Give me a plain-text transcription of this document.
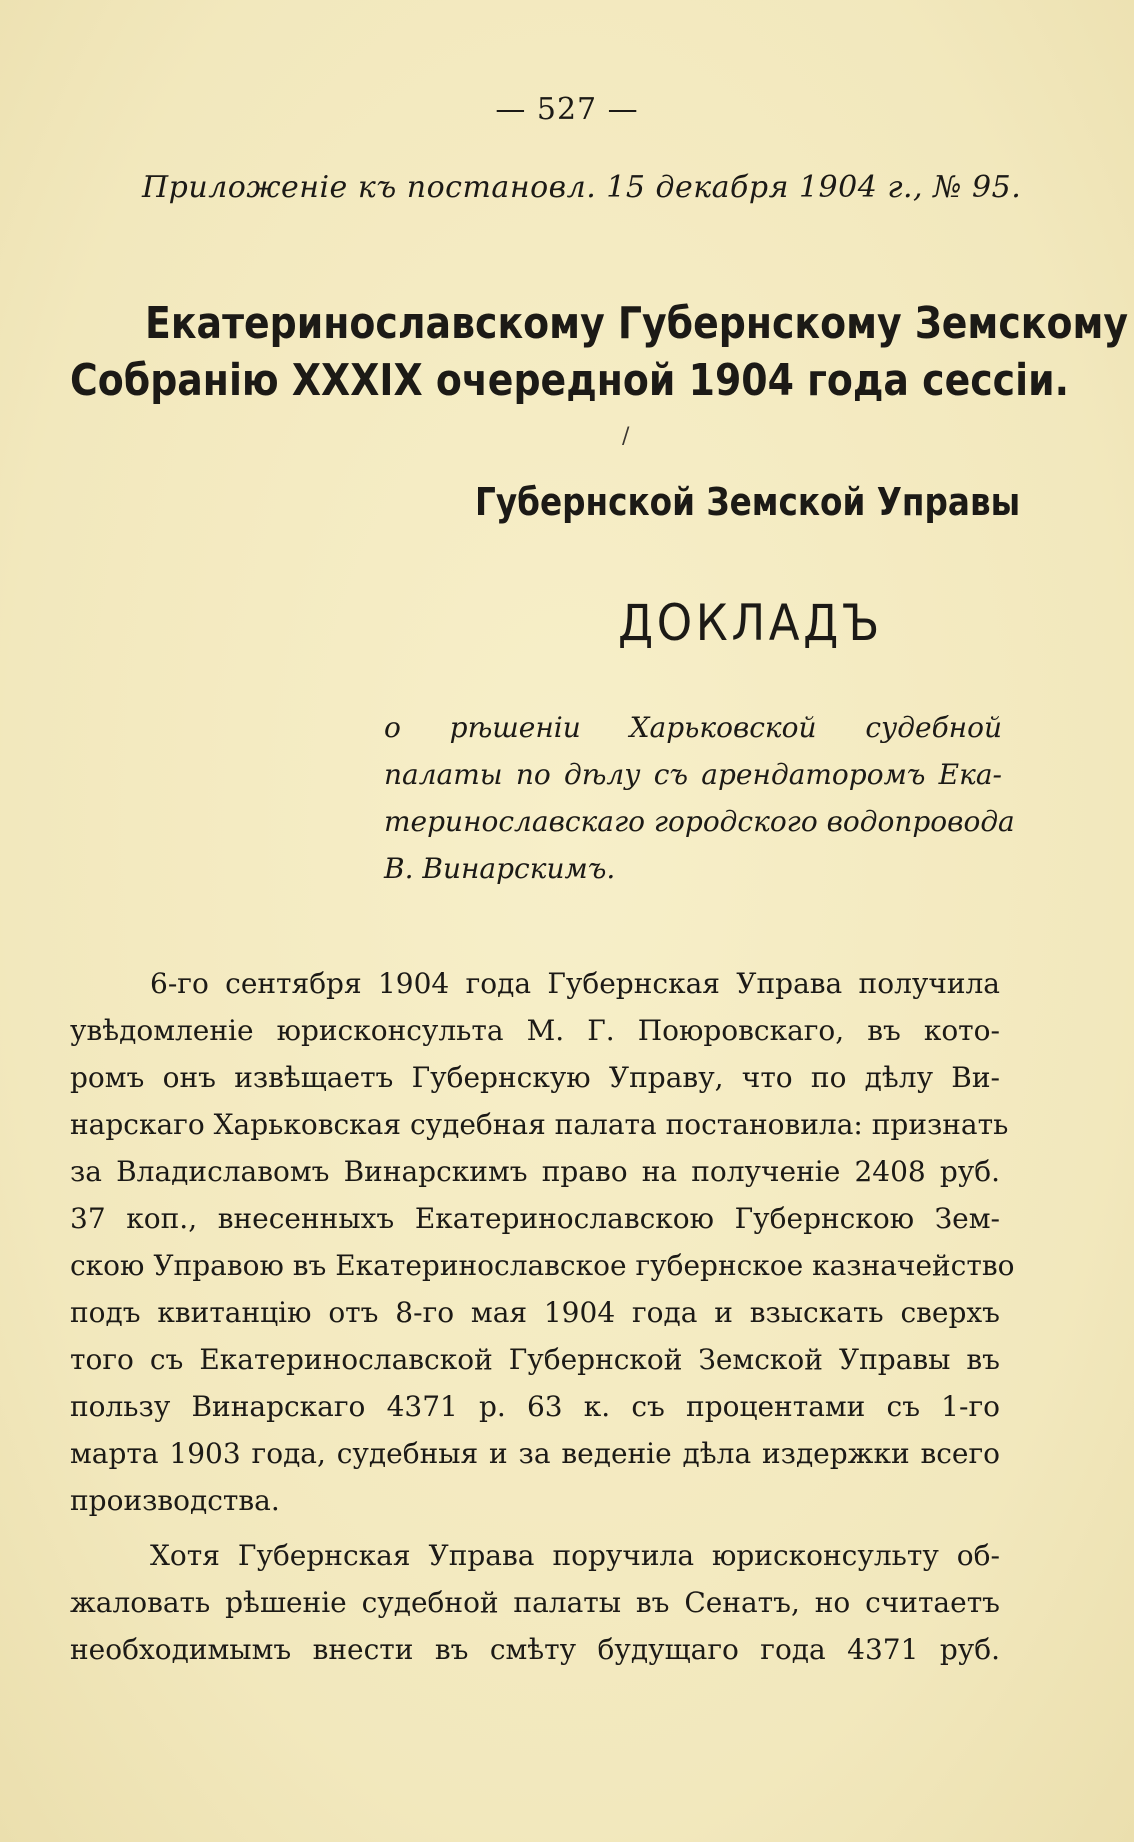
— 527 —
Приложеніе къ постановл. 15 декабря 1904 г., № 95.
Екатеринославскому Губернскому Земскому
Собранію XXXIX очередной 1904 года сессіи.
/
Губернской Земской Управы
ДОКЛАДЪ
о рѣшеніи Харьковской судебной
палаты по дѣлу съ арендаторомъ Ека-
теринославскаго городского водопровода
В. Винарскимъ.
6-го сентября 1904 года Губернская Управа получила
увѣдомленіе юрисконсульта М. Г. Поюровскаго, въ кото-
ромъ онъ извѣщаетъ Губернскую Управу, что по дѣлу Ви-
нарскаго Харьковская судебная палата постановила: признать
за Владиславомъ Винарскимъ право на полученіе 2408 руб.
37 коп., внесенныхъ Екатеринославскою Губернскою Зем-
скою Управою въ Екатеринославское губернское казначейство
подъ квитанцію отъ 8-го мая 1904 года и взыскать сверхъ
того съ Екатеринославской Губернской Земской Управы въ
пользу Винарскаго 4371 р. 63 к. съ процентами съ 1-го
марта 1903 года, судебныя и за веденіе дѣла издержки всего
производства.
Хотя Губернская Управа поручила юрисконсульту об-
жаловать рѣшеніе судебной палаты въ Сенатъ, но считаетъ
необходимымъ внести въ смѣту будущаго года 4371 руб.
